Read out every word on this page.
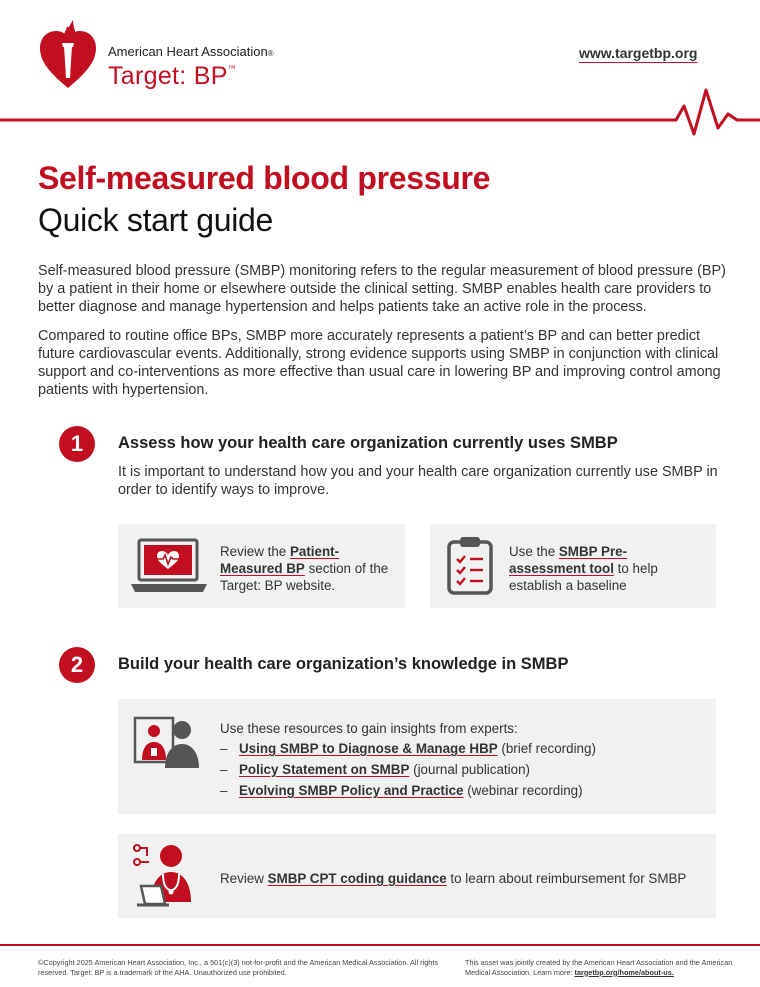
American Heart Association®
Target: BP™
www.targetbp.org
Self-measured blood pressure
Quick start guide

Self-measured blood pressure (SMBP) monitoring refers to the regular measurement of blood pressure (BP) by a patient in their home or elsewhere outside the clinical setting. SMBP enables health care providers to better diagnose and manage hypertension and helps patients take an active role in the process.

Compared to routine office BPs, SMBP more accurately represents a patient’s BP and can better predict future cardiovascular events. Additionally, strong evidence supports using SMBP in conjunction with clinical support and co-interventions as more effective than usual care in lowering BP and improving control among patients with hypertension.

1	Assess how your health care organization currently uses SMBP

It is important to understand how you and your health care organization currently use SMBP in order to identify ways to improve.

Review the Patient-Measured BP section of the Target: BP website.
Use the SMBP Pre-assessment tool to help establish a baseline
2	Build your health care organization’s knowledge in SMBP
Use these resources to gain insights from experts:
– Using SMBP to Diagnose & Manage HBP (brief recording)
– Policy Statement on SMBP (journal publication)
– Evolving SMBP Policy and Practice (webinar recording)
Review SMBP CPT coding guidance to learn about reimbursement for SMBP
©Copyright 2025 American Heart Association, Inc., a 501(c)(3) not-for-profit and the American Medical Association. All rights reserved. Target: BP is a trademark of the AHA. Unauthorized use prohibited.
This asset was jointly created by the American Heart Association and the American Medical Association. Learn more: targetbp.org/home/about-us.
